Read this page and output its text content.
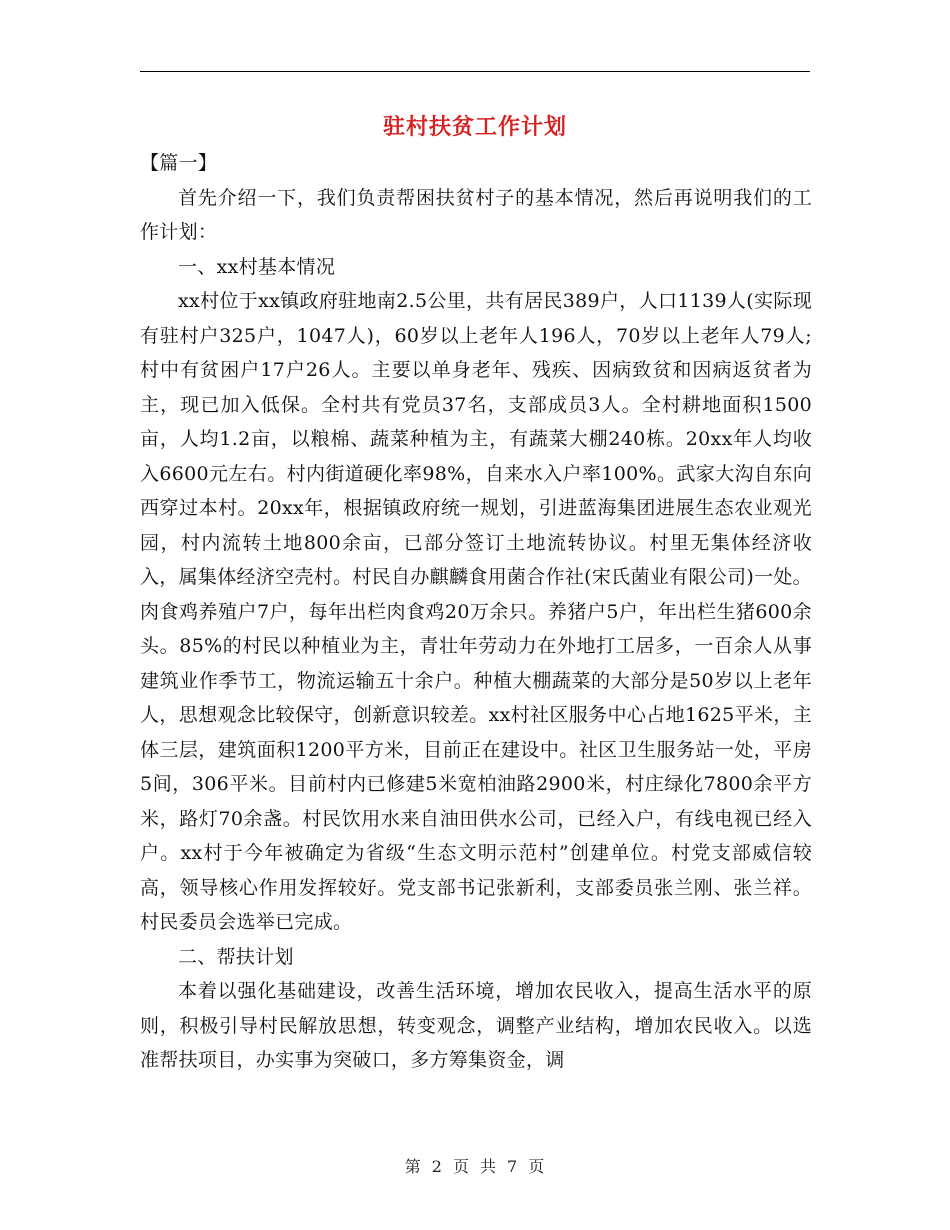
驻村扶贫工作计划

【篇一】

首先介绍一下，我们负责帮困扶贫村子的基本情况，然后再说明我们的工作计划：

一、xx村基本情况

xx村位于xx镇政府驻地南2.5公里，共有居民389户，人口1139人(实际现有驻村户325户，1047人)，60岁以上老年人196人，70岁以上老年人79人;村中有贫困户17户26人。主要以单身老年、残疾、因病致贫和因病返贫者为主，现已加入低保。全村共有党员37名，支部成员3人。全村耕地面积1500亩，人均1.2亩，以粮棉、蔬菜种植为主，有蔬菜大棚240栋。20xx年人均收入6600元左右。村内街道硬化率98%，自来水入户率100%。武家大沟自东向西穿过本村。20xx年，根据镇政府统一规划，引进蓝海集团进展生态农业观光园，村内流转土地800余亩，已部分签订土地流转协议。村里无集体经济收入，属集体经济空壳村。村民自办麒麟食用菌合作社(宋氏菌业有限公司)一处。肉食鸡养殖户7户，每年出栏肉食鸡20万余只。养猪户5户，年出栏生猪600余头。85%的村民以种植业为主，青壮年劳动力在外地打工居多，一百余人从事建筑业作季节工，物流运输五十余户。种植大棚蔬菜的大部分是50岁以上老年人，思想观念比较保守，创新意识较差。xx村社区服务中心占地1625平米，主体三层，建筑面积1200平方米，目前正在建设中。社区卫生服务站一处，平房5间，306平米。目前村内已修建5米宽柏油路2900米，村庄绿化7800余平方米，路灯70余盏。村民饮用水来自油田供水公司，已经入户，有线电视已经入户。xx村于今年被确定为省级“生态文明示范村”创建单位。村党支部威信较高，领导核心作用发挥较好。党支部书记张新利，支部委员张兰刚、张兰祥。村民委员会选举已完成。

二、帮扶计划

本着以强化基础建设，改善生活环境，增加农民收入，提高生活水平的原则，积极引导村民解放思想，转变观念，调整产业结构，增加农民收入。以选准帮扶项目，办实事为突破口，多方筹集资金，调

第 2 页 共 7 页
